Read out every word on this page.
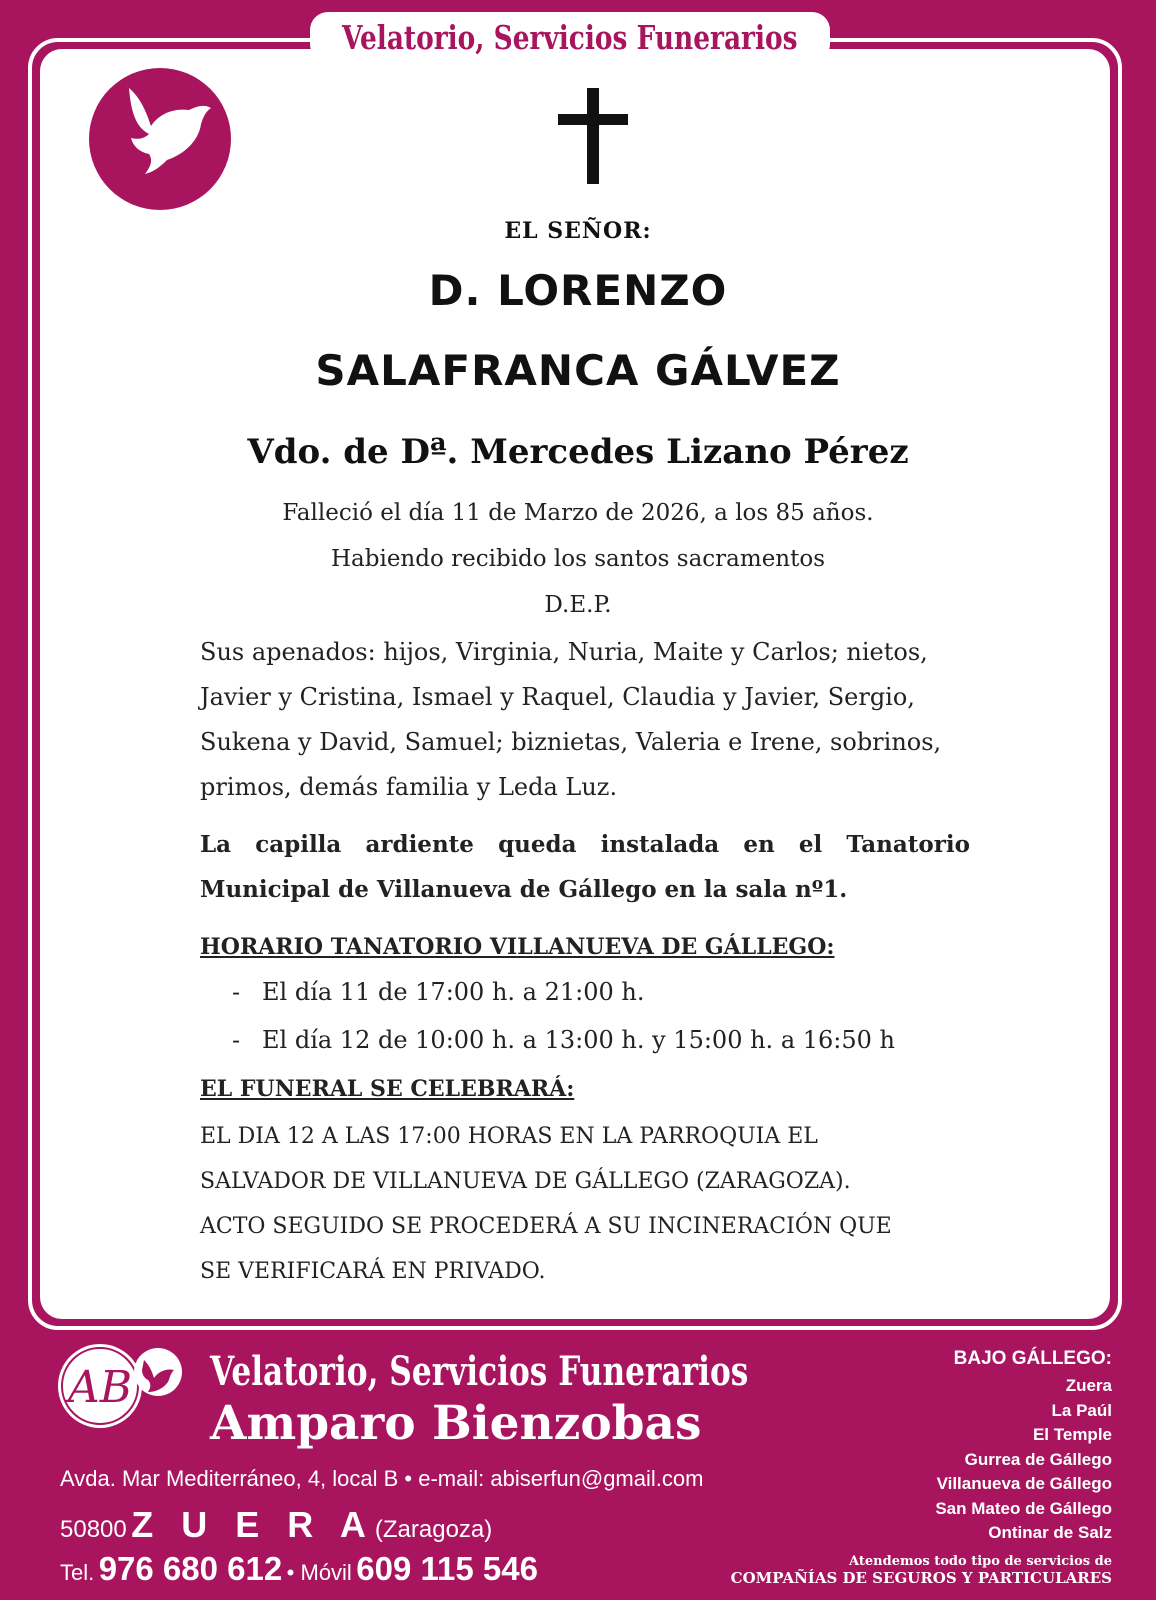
Velatorio, Servicios Funerarios
EL SEÑOR:
D. LORENZO
SALAFRANCA GÁLVEZ
Vdo. de Dª. Mercedes Lizano Pérez
Falleció el día 11 de Marzo de 2026, a los 85 años.
Habiendo recibido los santos sacramentos
D.E.P.

Sus apenados: hijos, Virginia, Nuria, Maite y Carlos; nietos,

Javier y Cristina, Ismael y Raquel, Claudia y Javier, Sergio,

Sukena y David, Samuel; biznietas, Valeria e Irene, sobrinos,

primos, demás familia y Leda Luz.

La capilla ardiente queda instalada en el Tanatorio

Municipal de Villanueva de Gállego en la sala nº1.

HORARIO TANATORIO VILLANUEVA DE GÁLLEGO:
- El día 11 de 17:00 h. a 21:00 h.
- El día 12 de 10:00 h. a 13:00 h. y 15:00 h. a 16:50 h
EL FUNERAL SE CELEBRARÁ:

EL DIA 12 A LAS 17:00 HORAS EN LA PARROQUIA EL

SALVADOR DE VILLANUEVA DE GÁLLEGO (ZARAGOZA).

ACTO SEGUIDO SE PROCEDERÁ A SU INCINERACIÓN QUE

SE VERIFICARÁ EN PRIVADO.

AB Velatorio, Servicios Funerarios
Amparo Bienzobas
Avda. Mar Mediterráneo, 4, local B • e-mail: abiserfun@gmail.com
50800 Z U E R A(Zaragoza)
Tel. 976 680 612 • Móvil 609 115 546
BAJO GÁLLEGO:
Zuera
La Paúl
El Temple
Gurrea de Gállego
Villanueva de Gállego
San Mateo de Gállego
Ontinar de Salz
Atendemos todo tipo de servicios de
COMPAÑÍAS DE SEGUROS Y PARTICULARES
